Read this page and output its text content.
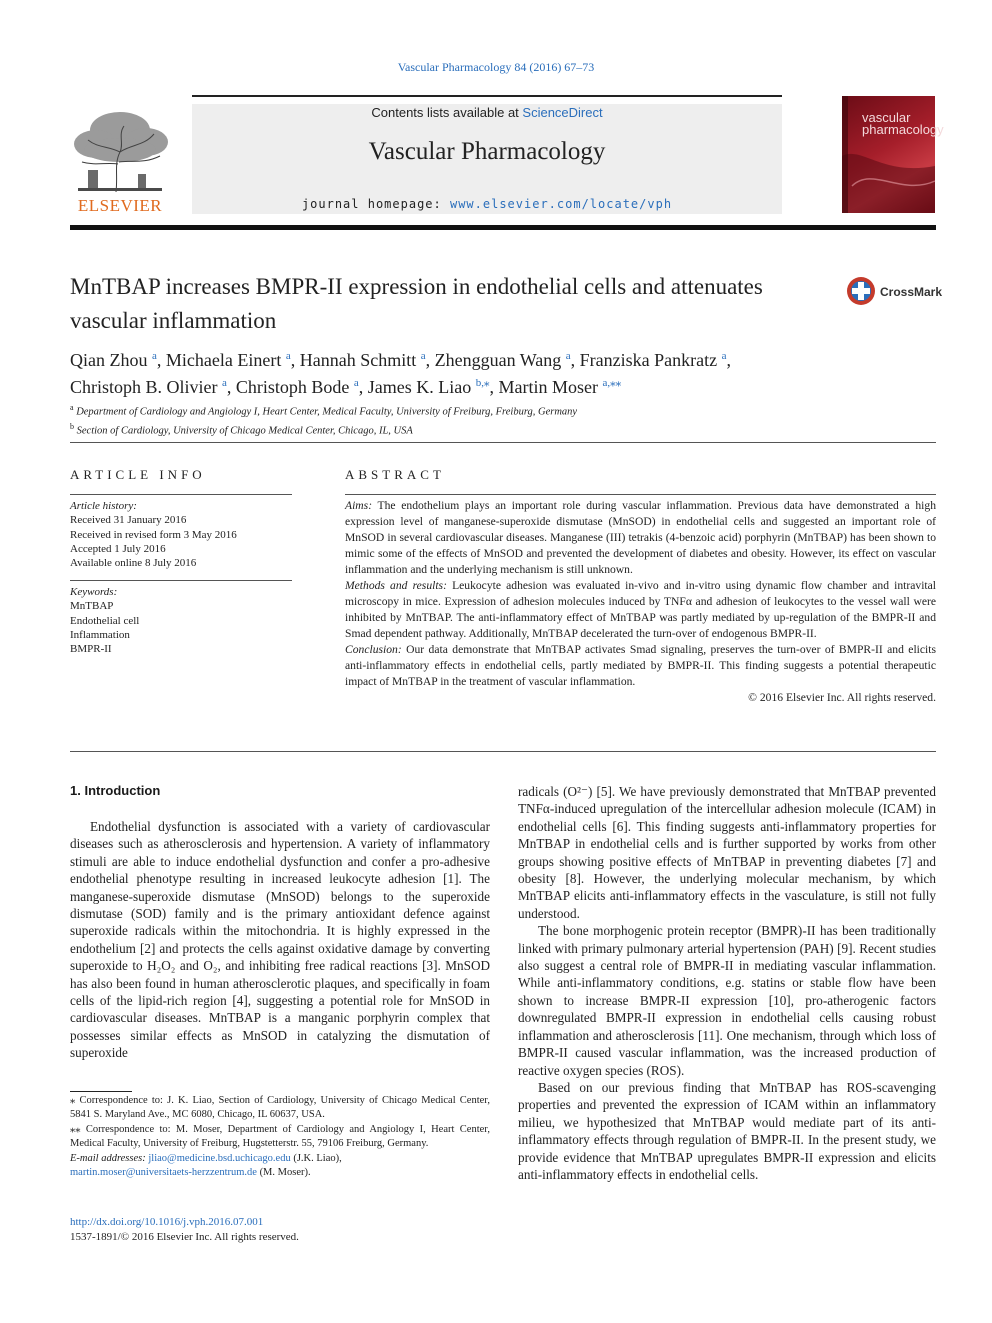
Vascular Pharmacology 84 (2016) 67–73
ELSEVIER
Contents lists available at ScienceDirect
Vascular Pharmacology
journal homepage: www.elsevier.com/locate/vph
vascular
pharmacology
MnTBAP increases BMPR-II expression in endothelial cells and attenuates vascular inflammation
CrossMark
Qian Zhou $^a$, Michaela Einert $^a$, Hannah Schmitt $^a$, Zhengguan Wang $^a$, Franziska Pankratz $^a$,
Christoph B. Olivier $^a$, Christoph Bode $^a$, James K. Liao $^{b,⁎}$, Martin Moser $^{a,⁎⁎}$
$^a$ Department of Cardiology and Angiology I, Heart Center, Medical Faculty, University of Freiburg, Freiburg, Germany
$^b$ Section of Cardiology, University of Chicago Medical Center, Chicago, IL, USA
ARTICLE INFO
Article history:
Received 31 January 2016
Received in revised form 3 May 2016
Accepted 1 July 2016
Available online 8 July 2016
Keywords:
MnTBAP
Endothelial cell
Inflammation
BMPR-II
ABSTRACT

Aims: The endothelium plays an important role during vascular inflammation. Previous data have demonstrated a high expression level of manganese-superoxide dismutase (MnSOD) in endothelial cells and suggested an important role of MnSOD in several cardiovascular diseases. Manganese (III) tetrakis (4-benzoic acid) porphyrin (MnTBAP) has been shown to mimic some of the effects of MnSOD and prevented the development of diabetes and obesity. However, its effect on vascular inflammation and the underlying mechanism is still unknown.

Methods and results: Leukocyte adhesion was evaluated in-vivo and in-vitro using dynamic flow chamber and intravital microscopy in mice. Expression of adhesion molecules induced by TNFα and adhesion of leukocytes to the vessel wall were inhibited by MnTBAP. The anti-inflammatory effect of MnTBAP was partly mediated by up-regulation of the BMPR-II and Smad dependent pathway. Additionally, MnTBAP decelerated the turn-over of endogenous BMPR-II.

Conclusion: Our data demonstrate that MnTBAP activates Smad signaling, preserves the turn-over of BMPR-II and elicits anti-inflammatory effects in endothelial cells, partly mediated by BMPR-II. This finding suggests a potential therapeutic impact of MnTBAP in the treatment of vascular inflammation.

© 2016 Elsevier Inc. All rights reserved.

1. Introduction

Endothelial dysfunction is associated with a variety of cardiovascular diseases such as atherosclerosis and hypertension. A variety of inflammatory stimuli are able to induce endothelial dysfunction and confer a pro-adhesive endothelial phenotype resulting in increased leukocyte adhesion [1]. The manganese-superoxide dismutase (MnSOD) belongs to the superoxide dismutase (SOD) family and is the primary antioxidant defence against superoxide radicals within the mitochondria. It is highly expressed in the endothelium [2] and protects the cells against oxidative damage by converting superoxide to H₂O₂ and O₂, and inhibiting free radical reactions [3]. MnSOD has also been found in human atherosclerotic plaques, and specifically in foam cells of the lipid-rich region [4], suggesting a potential role for MnSOD in cardiovascular diseases. MnTBAP is a manganic porphyrin complex that possesses similar effects as MnSOD in catalyzing the dismutation of superoxide

radicals (O²⁻) [5]. We have previously demonstrated that MnTBAP prevented TNFα-induced upregulation of the intercellular adhesion molecule (ICAM) in endothelial cells [6]. This finding suggests anti-inflammatory properties for MnTBAP in endothelial cells and is further supported by works from other groups showing positive effects of MnTBAP in preventing diabetes [7] and obesity [8]. However, the underlying molecular mechanism, by which MnTBAP elicits anti-inflammatory effects in the vasculature, is still not fully understood.

The bone morphogenic protein receptor (BMPR)-II has been traditionally linked with primary pulmonary arterial hypertension (PAH) [9]. Recent studies also suggest a central role of BMPR-II in mediating vascular inflammation. While anti-inflammatory conditions, e.g. statins or stable flow have been shown to increase BMPR-II expression [10], pro-atherogenic factors downregulated BMPR-II expression in endothelial cells causing robust inflammation and atherosclerosis [11]. One mechanism, through which loss of BMPR-II caused vascular inflammation, was the increased production of reactive oxygen species (ROS).

Based on our previous finding that MnTBAP has ROS-scavenging properties and prevented the expression of ICAM within an inflammatory milieu, we hypothesized that MnTBAP would mediate part of its anti-inflammatory effects through regulation of BMPR-II. In the present study, we provide evidence that MnTBAP upregulates BMPR-II expression and elicits anti-inflammatory effects in endothelial cells.

⁎ Correspondence to: J. K. Liao, Section of Cardiology, University of Chicago Medical Center, 5841 S. Maryland Ave., MC 6080, Chicago, IL 60637, USA.

⁎⁎ Correspondence to: M. Moser, Department of Cardiology and Angiology I, Heart Center, Medical Faculty, University of Freiburg, Hugstetterstr. 55, 79106 Freiburg, Germany.

E-mail addresses: jliao@medicine.bsd.uchicago.edu (J.K. Liao),
martin.moser@universitaets-herzzentrum.de (M. Moser).

http://dx.doi.org/10.1016/j.vph.2016.07.001
1537-1891/© 2016 Elsevier Inc. All rights reserved.
